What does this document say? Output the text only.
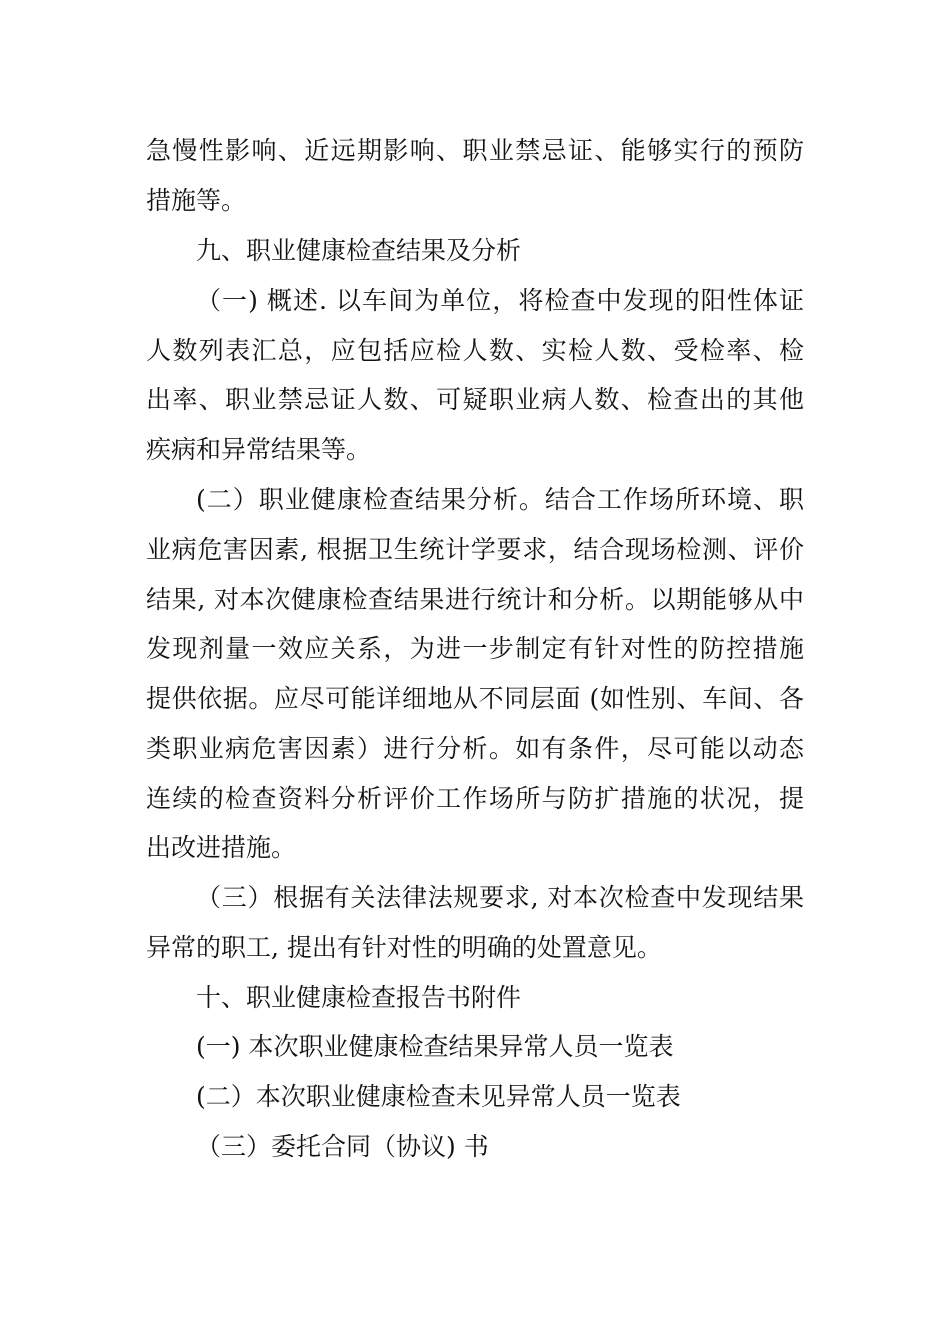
急慢性影响、近远期影响、职业禁忌证、能够实行的预防
措施等。
九、职业健康检查结果及分析
（一) 概述. 以车间为单位，将检查中发现的阳性体证
人数列表汇总，应包括应检人数、实检人数、受检率、检
出率、职业禁忌证人数、可疑职业病人数、检查出的其他
疾病和异常结果等。
(二）职业健康检查结果分析。结合工作场所环境、职
业病危害因素, 根据卫生统计学要求，结合现场检测、评价
结果, 对本次健康检查结果进行统计和分析。以期能够从中
发现剂量一效应关系，为进一步制定有针对性的防控措施
提供依据。应尽可能详细地从不同层面 (如性别、车间、各
类职业病危害因素）进行分析。如有条件，尽可能以动态
连续的检查资料分析评价工作场所与防扩措施的状况，提
出改进措施。
（三）根据有关法律法规要求, 对本次检查中发现结果
异常的职工, 提出有针对性的明确的处置意见。
十、职业健康检查报告书附件
(一) 本次职业健康检查结果异常人员一览表
(二）本次职业健康检查未见异常人员一览表
（三）委托合同（协议) 书
